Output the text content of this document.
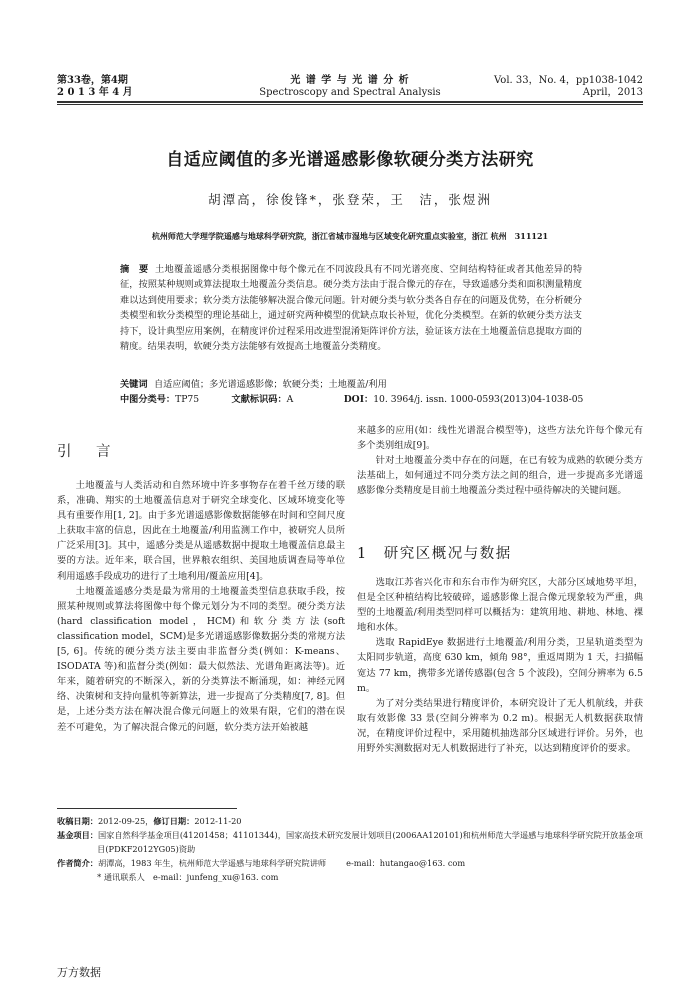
第33卷，第4期
2 0 1 3 年 4 月
光 谱 学 与 光 谱 分 析
Spectroscopy and Spectral Analysis
Vol. 33，No. 4，pp1038-1042
April，2013
自适应阈值的多光谱遥感影像软硬分类方法研究
胡潭高，徐俊锋*，张登荣，王　洁，张煜洲
杭州师范大学理学院遥感与地球科学研究院，浙江省城市湿地与区域变化研究重点实验室，浙江 杭州　311121
摘　要 土地覆盖遥感分类根据图像中每个像元在不同波段具有不同光谱亮度、空间结构特征或者其他差异的特征，按照某种规则或算法提取土地覆盖分类信息。硬分类方法由于混合像元的存在，导致遥感分类和面积测量精度难以达到使用要求；软分类方法能够解决混合像元问题。针对硬分类与软分类各自存在的问题及优势，在分析硬分类模型和软分类模型的理论基础上，通过研究两种模型的优缺点取长补短，优化分类模型。在新的软硬分类方法支持下，设计典型应用案例，在精度评价过程采用改进型混淆矩阵评价方法，验证该方法在土地覆盖信息提取方面的精度。结果表明，软硬分类方法能够有效提高土地覆盖分类精度。
关键词 自适应阈值；多光谱遥感影像；软硬分类；土地覆盖/利用
中图分类号：TP75	文献标识码：A	DOI：10. 3964/j. issn. 1000-0593(2013)04-1038-05
引　言

土地覆盖与人类活动和自然环境中许多事物存在着千丝万缕的联系，准确、翔实的土地覆盖信息对于研究全球变化、区域环境变化等具有重要作用[1, 2]。由于多光谱遥感影像数据能够在时间和空间尺度上获取丰富的信息，因此在土地覆盖/利用监测工作中，被研究人员所广泛采用[3]。其中，遥感分类是从遥感数据中提取土地覆盖信息最主要的方法。近年来，联合国，世界粮农组织、美国地质调查局等单位利用遥感手段成功的进行了土地利用/覆盖应用[4]。

土地覆盖遥感分类是最为常用的土地覆盖类型信息获取手段，按照某种规则或算法将图像中每个像元划分为不同的类型。硬分类方法(hard classification model，HCM)和软分类方法(soft classification model，SCM)是多光谱遥感影像数据分类的常规方法[5, 6]。传统的硬分类方法主要由非监督分类(例如：K-means、ISODATA 等)和监督分类(例如：最大似然法、光谱角距离法等)。近年来，随着研究的不断深入，新的分类算法不断涌现，如：神经元网络、决策树和支持向量机等新算法，进一步提高了分类精度[7, 8]。但是，上述分类方法在解决混合像元问题上的效果有限，它们的潜在误差不可避免，为了解决混合像元的问题，软分类方法开始被越

来越多的应用(如：线性光谱混合模型等)，这些方法允许每个像元有多个类别组成[9]。

针对土地覆盖分类中存在的问题，在已有较为成熟的软硬分类方法基础上，如何通过不同分类方法之间的组合，进一步提高多光谱遥感影像分类精度是目前土地覆盖分类过程中亟待解决的关键问题。

1　研究区概况与数据

选取江苏省兴化市和东台市作为研究区，大部分区域地势平坦，但是全区种植结构比较破碎，遥感影像上混合像元现象较为严重，典型的土地覆盖/利用类型同样可以概括为：建筑用地、耕地、林地、裸地和水体。

选取 RapidEye 数据进行土地覆盖/利用分类，卫星轨道类型为太阳同步轨道，高度 630 km，倾角 98°，重返周期为 1 天，扫描幅宽达 77 km，携带多光谱传感器(包含 5 个波段)，空间分辨率为 6.5 m。

为了对分类结果进行精度评价，本研究设计了无人机航线，并获取有效影像 33 景(空间分辨率为 0.2 m)。根据无人机数据获取情况，在精度评价过程中，采用随机抽选部分区域进行评价。另外，也用野外实测数据对无人机数据进行了补充，以达到精度评价的要求。

收稿日期：2012-09-25，修订日期：2012-11-20
基金项目：国家自然科学基金项目(41201458；41101344)，国家高技术研究发展计划项目(2006AA120101)和杭州师范大学遥感与地球科学研究院开放基金项目(PDKF2012YG05)资助
作者简介：胡潭高，1983 年生，杭州师范大学遥感与地球科学研究院讲师 e-mail：hutangao@163. com
* 通讯联系人　e-mail：junfeng_xu@163. com
万方数据
